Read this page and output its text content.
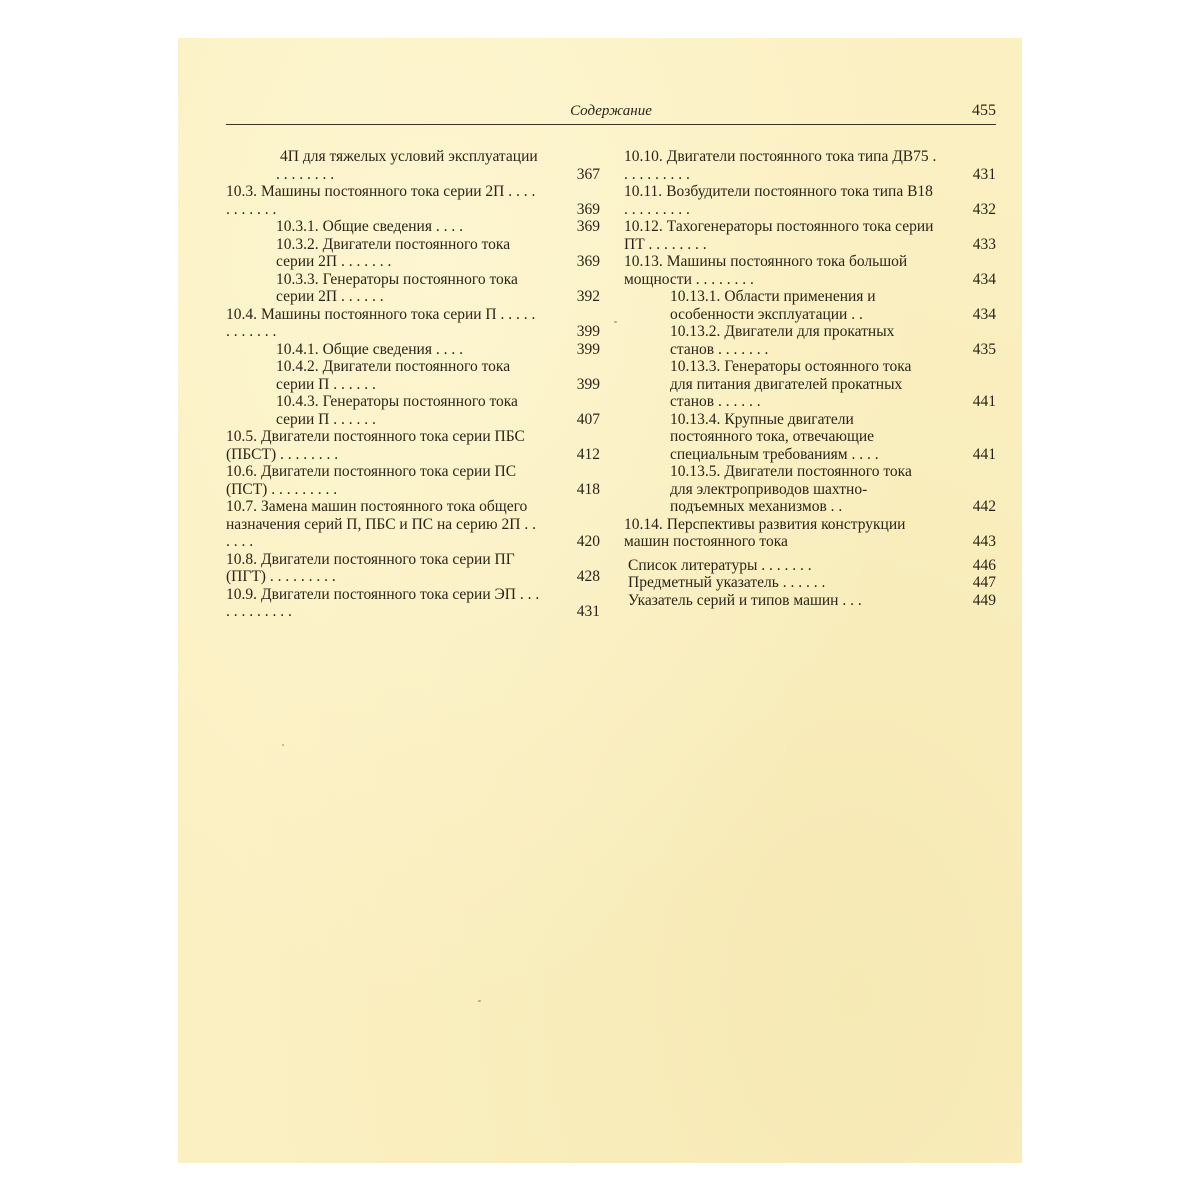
Содержание	455
4П для тяжелых условий эксплуатации . . . . . . . .	367
10.3. Машины постоянного тока серии 2П . . . . . . . . . . .	369
10.3.1. Общие сведения . . . .	369
10.3.2. Двигатели постоянного тока серии 2П . . . . . . .	369
10.3.3. Генераторы постоянного тока серии 2П . . . . . .	392
10.4. Машины постоянного тока серии П . . . . . . . . . . . .	399
10.4.1. Общие сведения . . . .	399
10.4.2. Двигатели постоянного тока серии П . . . . . .	399
10.4.3. Генераторы постоянного тока серии П . . . . . .	407
10.5. Двигатели постоянного тока серии ПБС (ПБСТ) . . . . . . . .	412
10.6. Двигатели постоянного тока серии ПС (ПСТ) . . . . . . . . .	418
10.7. Замена машин постоянного тока общего назначения серий П, ПБС и ПС на серию 2П . . . . . .	420
10.8. Двигатели постоянного тока серии ПГ (ПГТ) . . . . . . . . .	428
10.9. Двигатели постоянного тока серии ЭП . . . . . . . . . . . .	431
10.10. Двигатели постоянного тока типа ДВ75 . . . . . . . . . .	431
10.11. Возбудители постоянного тока типа В18 . . . . . . . . .	432
10.12. Тахогенераторы постоянного тока серии ПТ . . . . . . . .	433
10.13. Машины постоянного тока большой мощности . . . . . . . .	434
10.13.1. Области применения и особенности эксплуатации . .	434
10.13.2. Двигатели для прокатных станов . . . . . . .	435
10.13.3. Генераторы остоянного тока для питания двигателей прокатных станов . . . . . .	441
10.13.4. Крупные двигатели постоянного тока, отвечающие специальным требованиям . . . .	441
10.13.5. Двигатели постоянного тока для электроприводов шахтно-подъемных механизмов . .	442
10.14. Перспективы развития конструкции машин постоянного тока	443
Список литературы . . . . . . .	446
Предметный указатель . . . . . .	447
Указатель серий и типов машин . . .	449
